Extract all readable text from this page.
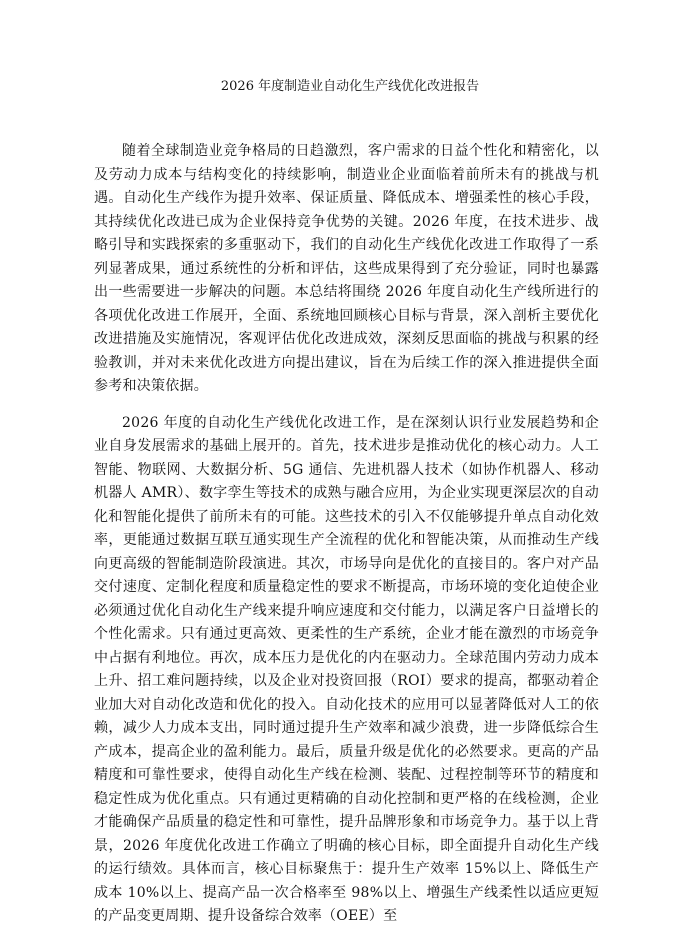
2026 年度制造业自动化生产线优化改进报告

随着全球制造业竞争格局的日趋激烈，客户需求的日益个性化和精密化，以及劳动力成本与结构变化的持续影响，制造业企业面临着前所未有的挑战与机遇。自动化生产线作为提升效率、保证质量、降低成本、增强柔性的核心手段，其持续优化改进已成为企业保持竞争优势的关键。2026 年度，在技术进步、战略引导和实践探索的多重驱动下，我们的自动化生产线优化改进工作取得了一系列显著成果，通过系统性的分析和评估，这些成果得到了充分验证，同时也暴露出一些需要进一步解决的问题。本总结将围绕 2026 年度自动化生产线所进行的各项优化改进工作展开，全面、系统地回顾核心目标与背景，深入剖析主要优化改进措施及实施情况，客观评估优化改进成效，深刻反思面临的挑战与积累的经验教训，并对未来优化改进方向提出建议，旨在为后续工作的深入推进提供全面参考和决策依据。

2026 年度的自动化生产线优化改进工作，是在深刻认识行业发展趋势和企业自身发展需求的基础上展开的。首先，技术进步是推动优化的核心动力。人工智能、物联网、大数据分析、5G 通信、先进机器人技术（如协作机器人、移动机器人 AMR）、数字孪生等技术的成熟与融合应用，为企业实现更深层次的自动化和智能化提供了前所未有的可能。这些技术的引入不仅能够提升单点自动化效率，更能通过数据互联互通实现生产全流程的优化和智能决策，从而推动生产线向更高级的智能制造阶段演进。其次，市场导向是优化的直接目的。客户对产品交付速度、定制化程度和质量稳定性的要求不断提高，市场环境的变化迫使企业必须通过优化自动化生产线来提升响应速度和交付能力，以满足客户日益增长的个性化需求。只有通过更高效、更柔性的生产系统，企业才能在激烈的市场竞争中占据有利地位。再次，成本压力是优化的内在驱动力。全球范围内劳动力成本上升、招工难问题持续，以及企业对投资回报（ROI）要求的提高，都驱动着企业加大对自动化改造和优化的投入。自动化技术的应用可以显著降低对人工的依赖，减少人力成本支出，同时通过提升生产效率和减少浪费，进一步降低综合生产成本，提高企业的盈利能力。最后，质量升级是优化的必然要求。更高的产品精度和可靠性要求，使得自动化生产线在检测、装配、过程控制等环节的精度和稳定性成为优化重点。只有通过更精确的自动化控制和更严格的在线检测，企业才能确保产品质量的稳定性和可靠性，提升品牌形象和市场竞争力。基于以上背景，2026 年度优化改进工作确立了明确的核心目标，即全面提升自动化生产线的运行绩效。具体而言，核心目标聚焦于：提升生产效率 15%以上、降低生产成本 10%以上、提高产品一次合格率至 98%以上、增强生产线柔性以适应更短的产品变更周期、提升设备综合效率（OEE）至
